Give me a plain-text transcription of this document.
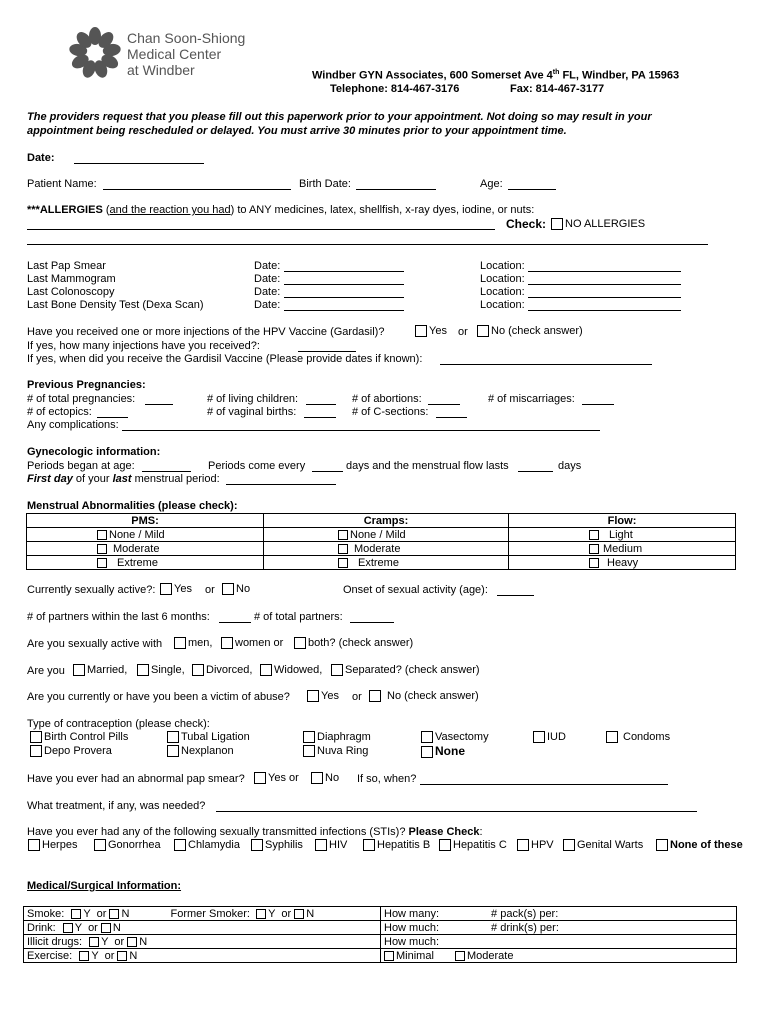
Chan Soon-Shiong
Medical Center
at Windber	Windber GYN Associates, 600 Somerset Ave 4th FL, Windber, PA 15963
Telephone: 814-467-3176	Fax: 814-467-3177
The providers request that you please fill out this paperwork prior to your appointment. Not doing so may result in your appointment being rescheduled or delayed. You must arrive 30 minutes prior to your appointment time.
Date:
Patient Name:	Birth Date:	Age:
***ALLERGIES (and the reaction you had) to ANY medicines, latex, shellfish, x-ray dyes, iodine, or nuts:
Check:	NO ALLERGIES
Last Pap Smear	Date:	Location:
Last Mammogram	Date:	Location:
Last Colonoscopy	Date:	Location:
Last Bone Density Test (Dexa Scan)	Date:	Location:
Have you received one or more injections of the HPV Vaccine (Gardasil)?	Yes or	No (check answer)
If yes, how many injections have you received?:
If yes, when did you receive the Gardisil Vaccine (Please provide dates if known):
Previous Pregnancies:
# of total pregnancies:	# of living children:	# of abortions:	# of miscarriages:
# of ectopics:	# of vaginal births:	# of C-sections:
Any complications:
Gynecologic information:
Periods began at age:	Periods come every	days and the menstrual flow lasts	days
First day of your last menstrual period:
Menstrual Abnormalities (please check):
PMS:	Cramps:	Flow:
None / Mild	None / Mild	Light
Moderate	Moderate	Medium
Extreme	Extreme	Heavy
Currently sexually active?:	Yes or	No	Onset of sexual activity (age):
# of partners within the last 6 months:	# of total partners:
Are you sexually active with	men,	women or	both? (check answer)
Are you	Married,	Single,	Divorced,	Widowed,	Separated? (check answer)
Are you currently or have you been a victim of abuse?	Yes or	No (check answer)
Type of contraception (please check):
Birth Control Pills	Tubal Ligation	Diaphragm	Vasectomy	IUD	Condoms
Depo Provera	Nexplanon	Nuva Ring	None
Have you ever had an abnormal pap smear?	Yes or	No If so, when?
What treatment, if any, was needed?
Have you ever had any of the following sexually transmitted infections (STIs)? Please Check:
Herpes	Gonorrhea	Chlamydia	Syphilis	HIV	Hepatitis B	Hepatitis C	HPV	Genital Warts	None of these
Medical/Surgical Information:
Smoke: Y or N Former Smoker: Y or N	How many: # pack(s) per:
Drink: Y or N	How much: # drink(s) per:
Illicit drugs: Y or N	How much:
Exercise: Y or N	Minimal Moderate
